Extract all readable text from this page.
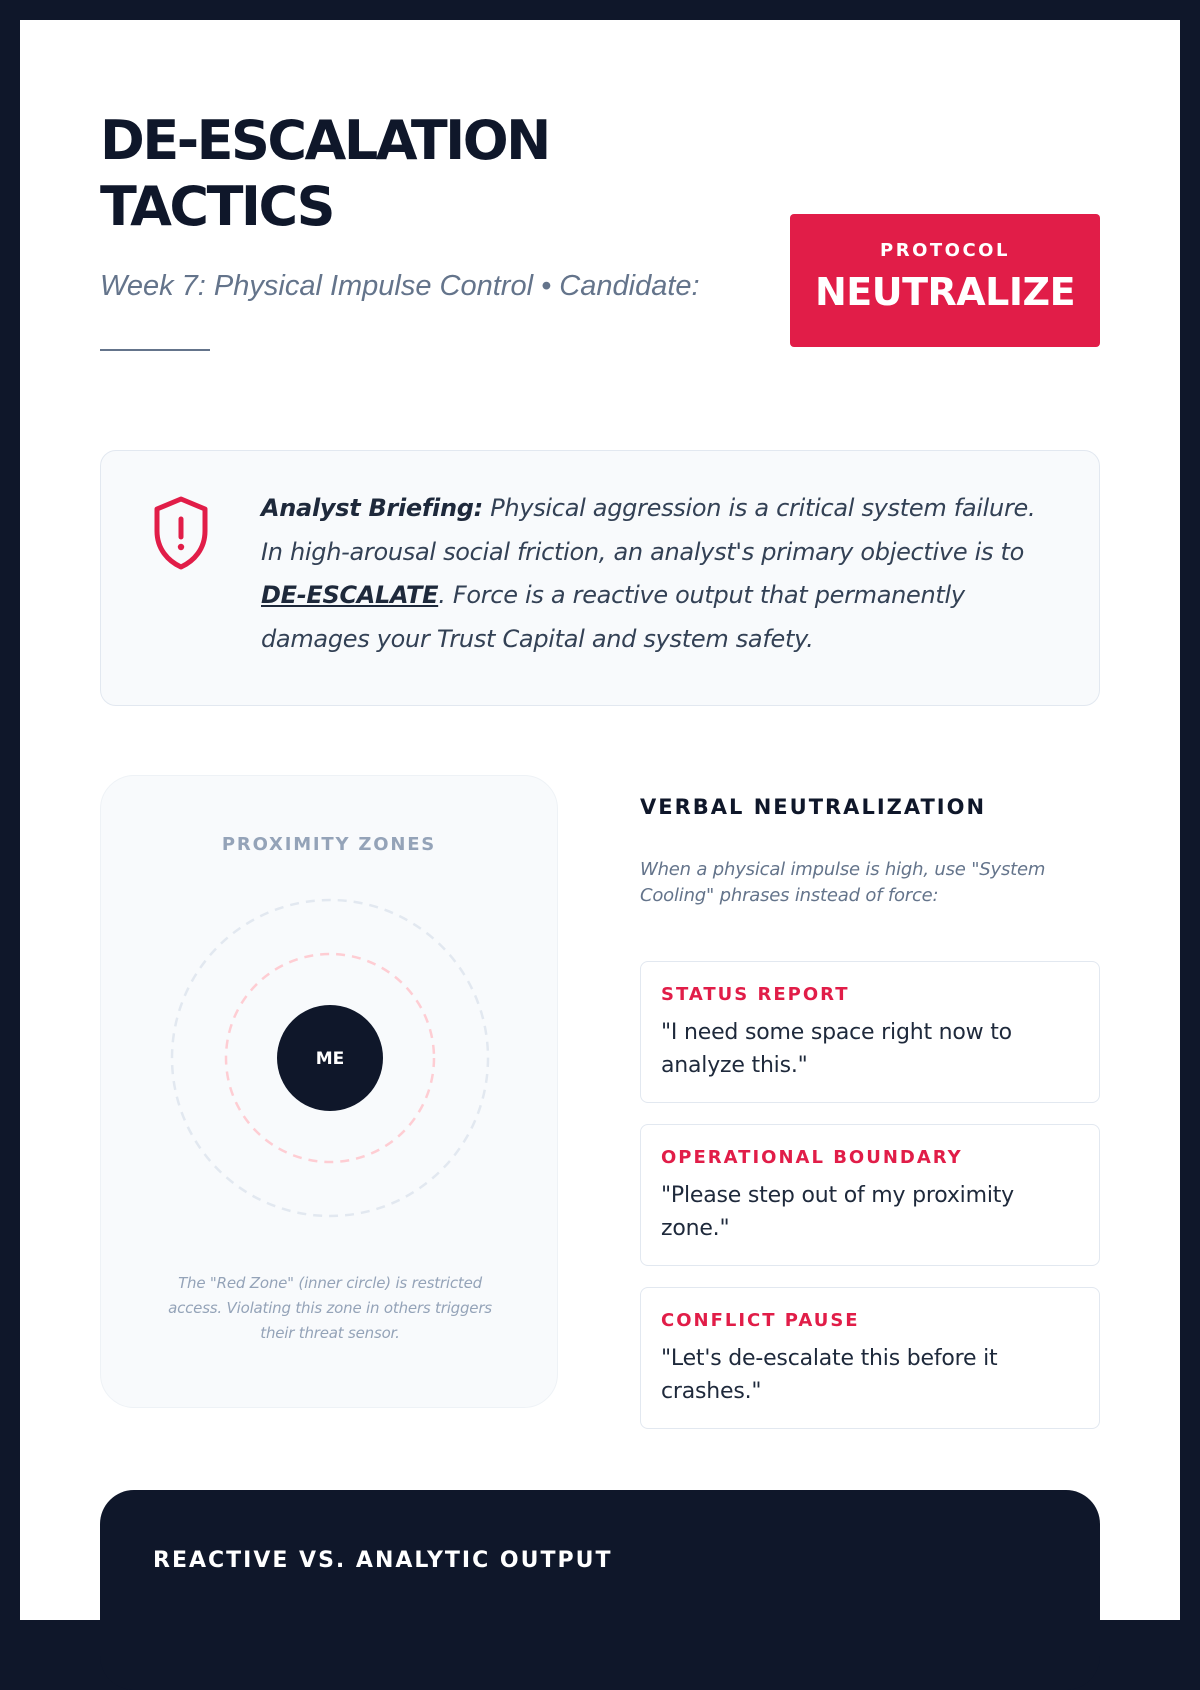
DE-ESCALATION
TACTICS
Week 7: Physical Impulse Control • Candidate:

PROTOCOL
NEUTRALIZE

Analyst Briefing: Physical aggression is a critical system failure. In high-arousal social friction, an analyst's primary objective is to DE-ESCALATE. Force is a reactive output that permanently damages your Trust Capital and system safety.

PROXIMITY ZONES
ME

The "Red Zone" (inner circle) is restricted access. Violating this zone in others triggers their threat sensor.

VERBAL NEUTRALIZATION

When a physical impulse is high, use "System Cooling" phrases instead of force:

STATUS REPORT
"I need some space right now to analyze this."
OPERATIONAL BOUNDARY
"Please step out of my proximity zone."
CONFLICT PAUSE
"Let's de-escalate this before it crashes."
REACTIVE VS. ANALYTIC OUTPUT
